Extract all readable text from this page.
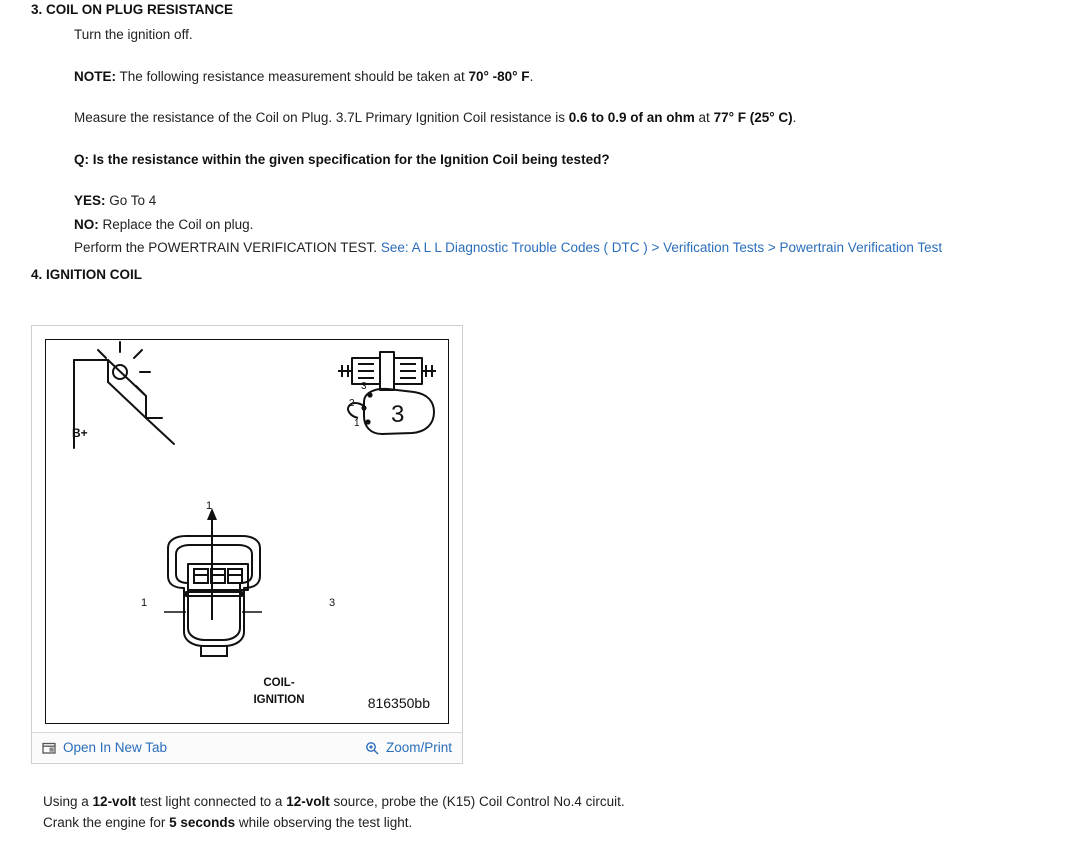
3. COIL ON PLUG RESISTANCE

Turn the ignition off.

NOTE: The following resistance measurement should be taken at 70° -80° F.

Measure the resistance of the Coil on Plug. 3.7L Primary Ignition Coil resistance is 0.6 to 0.9 of an ohm at 77° F (25° C).

Q: Is the resistance within the given specification for the Ignition Coil being tested?

YES: Go To 4

NO: Replace the Coil on plug.

Perform the POWERTRAIN VERIFICATION TEST. See: A L L Diagnostic Trouble Codes ( DTC ) > Verification Tests > Powertrain Verification Test

4. IGNITION COIL
3
3
2
1
B+
1
1	3
COIL-
IGNITION	816350bb
Open In New Tab	Zoom/Print

Using a 12-volt test light connected to a 12-volt source, probe the (K15) Coil Control No.4 circuit.

Crank the engine for 5 seconds while observing the test light.
